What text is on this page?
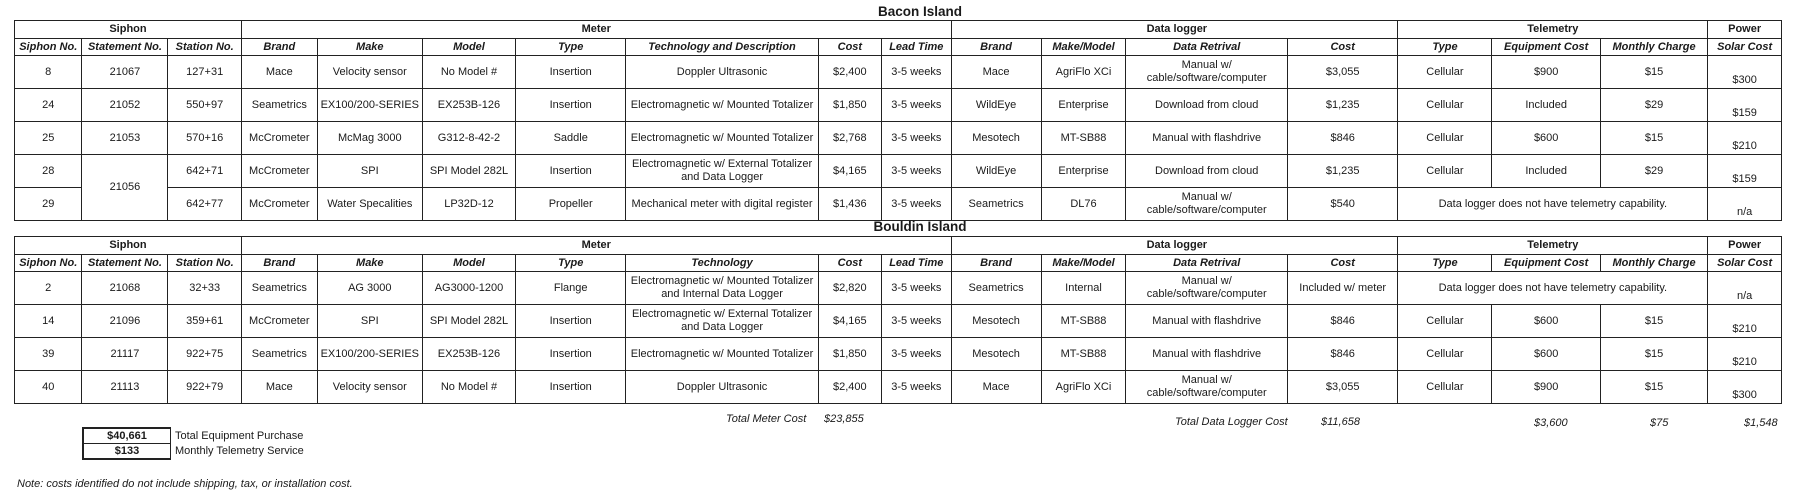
Bacon Island
Siphon			Meter							Data logger				Telemetry			Power
Siphon No.	Statement No.	Station No.	Brand	Make	Model	Type	Technology and Description	Cost	Lead Time	Brand	Make/Model	Data Retrival	Cost	Type	Equipment Cost	Monthly Charge	Solar Cost
8	21067	127+31	Mace	Velocity sensor	No Model #	Insertion	Doppler Ultrasonic	$2,400	3-5 weeks	Mace	AgriFlo XCi	Manual w/ cable/software/computer	$3,055	Cellular	$900	$15	$300
24	21052	550+97	Seametrics	EX100/200-SERIES	EX253B-126	Insertion	Electromagnetic w/ Mounted Totalizer	$1,850	3-5 weeks	WildEye	Enterprise	Download from cloud	$1,235	Cellular	Included	$29	$159
25	21053	570+16	McCrometer	McMag 3000	G312-8-42-2	Saddle	Electromagnetic w/ Mounted Totalizer	$2,768	3-5 weeks	Mesotech	MT-SB88	Manual with flashdrive	$846	Cellular	$600	$15	$210
28	21056	642+71	McCrometer	SPI	SPI Model 282L	Insertion	Electromagnetic w/ External Totalizer and Data Logger	$4,165	3-5 weeks	WildEye	Enterprise	Download from cloud	$1,235	Cellular	Included	$29	$159
29		642+77	McCrometer	Water Specalities	LP32D-12	Propeller	Mechanical meter with digital register	$1,436	3-5 weeks	Seametrics	DL76	Manual w/ cable/software/computer	$540	Data logger does not have telemetry capability.			n/a
Bouldin Island
Siphon			Meter							Data logger				Telemetry			Power
Siphon No.	Statement No.	Station No.	Brand	Make	Model	Type	Technology	Cost	Lead Time	Brand	Make/Model	Data Retrival	Cost	Type	Equipment Cost	Monthly Charge	Solar Cost
2	21068	32+33	Seametrics	AG 3000	AG3000-1200	Flange	Electromagnetic w/ Mounted Totalizer and Internal Data Logger	$2,820	3-5 weeks	Seametrics	Internal	Manual w/ cable/software/computer	Included w/ meter	Data logger does not have telemetry capability.			n/a
14	21096	359+61	McCrometer	SPI	SPI Model 282L	Insertion	Electromagnetic w/ External Totalizer and Data Logger	$4,165	3-5 weeks	Mesotech	MT-SB88	Manual with flashdrive	$846	Cellular	$600	$15	$210
39	21117	922+75	Seametrics	EX100/200-SERIES	EX253B-126	Insertion	Electromagnetic w/ Mounted Totalizer	$1,850	3-5 weeks	Mesotech	MT-SB88	Manual with flashdrive	$846	Cellular	$600	$15	$210
40	21113	922+79	Mace	Velocity sensor	No Model #	Insertion	Doppler Ultrasonic	$2,400	3-5 weeks	Mace	AgriFlo XCi	Manual w/ cable/software/computer	$3,055	Cellular	$900	$15	$300
Total Meter Cost $23,855	Total Data Logger Cost	$11,658	$3,600	$75	$1,548
$40,661	Total Equipment Purchase
$133	Monthly Telemetry Service
Note: costs identified do not include shipping, tax, or installation cost.
